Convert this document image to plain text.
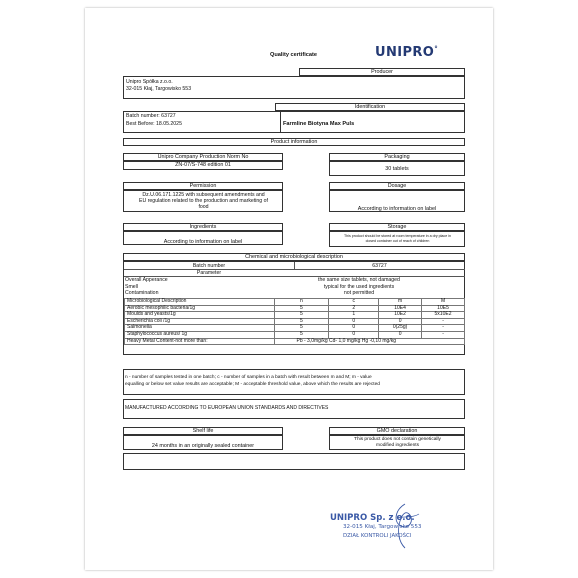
Quality certificate	UNIPRO°
Producer
Unipro Spółka z.o.o.
32-015 Kłaj, Targowisko 553
Identification
Batch number: 63727
Best Before: 18.05.2025	Farmline Biotyna Max Puls
Product information
Unipro Company Production Norm No
ZN-07/S-748 edition 01
Packaging
30 tablets
Permission
Dz.U.06.171.1225 with subsequent amendments and
EU regulation related to the production and marketing of
food
Dosage
According to information on label
Ingredients
According to information on label
Storage
This product should be stored at room temperature in a dry place in
closed container out of reach of children
Chemical and microbiological description
Batch number	63727
Parameter
Overall Apperance	the same size tablets, not damaged
Smell	typical for the used ingredients
Contamination	not permitted
Microbiological Description	n	c	m	M
Aerobic mesophilic bacteria/1g	5	2	10E4	10E5
Moulds and yeasts/1g	5	1	10E2	5x10E2
Escherichia coli /1g	5	0	0	-
Salmonella	5	0	0(25g)	-
Staphylococcus aureus/ 1g	5	0	0	-
Heavy Metal Content-not more than:	Pb - 3,0mg/kg Cd- 1,0 mg/kg Hg -0,10 mg/kg			
n - number of samples tested in one batch; c - number of samples in a batch with result between m and M; m - value
equalling or below set value results are acceptable; M - acceptable threshold value, above which the results are rejected
MANUFACTURED ACCORDING TO EUROPEAN UNION STANDARDS AND DIRECTIVES
Shelf life
24 months in an originally sealed container
GMO declaration
This product does not contain genetically
modified ingredients
UNIPRO Sp. z o.o.
32-015 Kłaj, Targowisko 553
DZIAŁ KONTROLI JAKOŚCI
